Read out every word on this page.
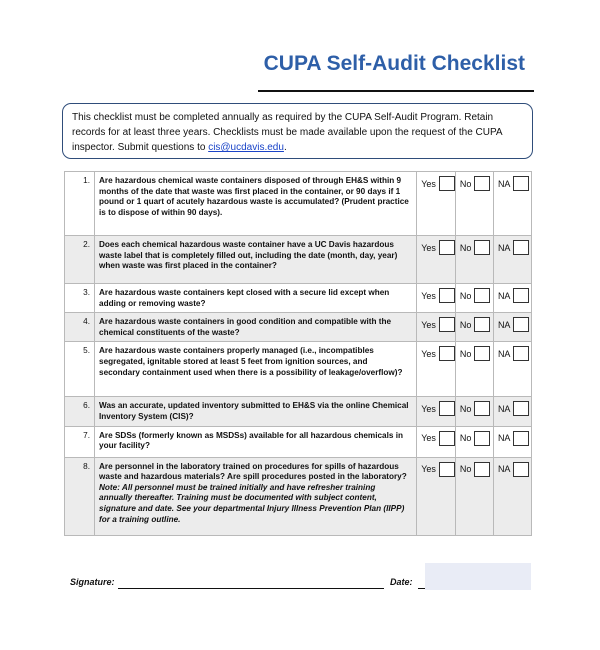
CUPA Self-Audit Checklist
This checklist must be completed annually as required by the CUPA Self-Audit Program. Retain records for at least three years. Checklists must be made available upon the request of the CUPA inspector. Submit questions to cis@ucdavis.edu.
1.	Are hazardous chemical waste containers disposed of through EH&S within 9 months of the date that waste was first placed in the container, or 90 days if 1 pound or 1 quart of acutely hazardous waste is accumulated? (Prudent practice is to dispose of within 90 days).	Yes	No	NA

2.	Does each chemical hazardous waste container have a UC Davis hazardous waste label that is completely filled out, including the date (month, day, year) when waste was first placed in the container?	Yes	No	NA

3.	Are hazardous waste containers kept closed with a secure lid except when adding or removing waste?	Yes	No	NA

4.	Are hazardous waste containers in good condition and compatible with the chemical constituents of the waste?	Yes	No	NA

5.	Are hazardous waste containers properly managed (i.e., incompatibles segregated, ignitable stored at least 5 feet from ignition sources, and secondary containment used when there is a possibility of leakage/overflow)?	Yes	No	NA

6.	Was an accurate, updated inventory submitted to EH&S via the online Chemical Inventory System (CIS)?	Yes	No	NA

7.	Are SDSs (formerly known as MSDSs) available for all hazardous chemicals in your facility?	Yes	No	NA

8.	Are personnel in the laboratory trained on procedures for spills of hazardous waste and hazardous materials? Are spill procedures posted in the laboratory?
Note: All personnel must be trained initially and have refresher training annually thereafter. Training must be documented with subject content, signature and date. See your departmental Injury Illness Prevention Plan (IIPP) for a training outline.	Yes	No	NA
Signature:	Date:
